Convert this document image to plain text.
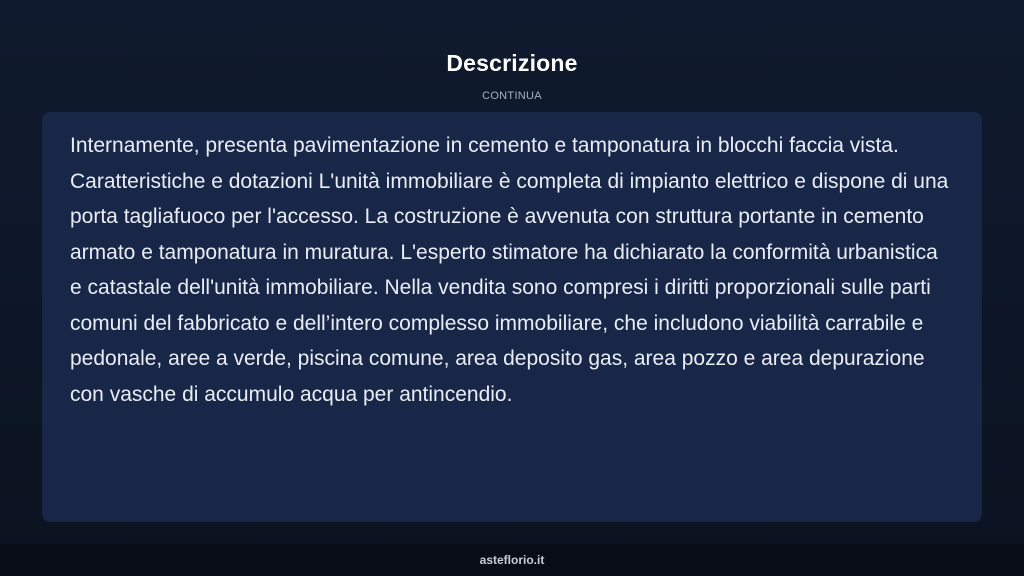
Descrizione
CONTINUA

Internamente, presenta pavimentazione in cemento e tamponatura in blocchi faccia vista. Caratteristiche e dotazioni L'unità immobiliare è completa di impianto elettrico e dispone di una porta tagliafuoco per l'accesso. La costruzione è avvenuta con struttura portante in cemento armato e tamponatura in muratura. L'esperto stimatore ha dichiarato la conformità urbanistica e catastale dell'unità immobiliare. Nella vendita sono compresi i diritti proporzionali sulle parti comuni del fabbricato e dell’intero complesso immobiliare, che includono viabilità carrabile e pedonale, aree a verde, piscina comune, area deposito gas, area pozzo e area depurazione con vasche di accumulo acqua per antincendio.

asteflorio.it
